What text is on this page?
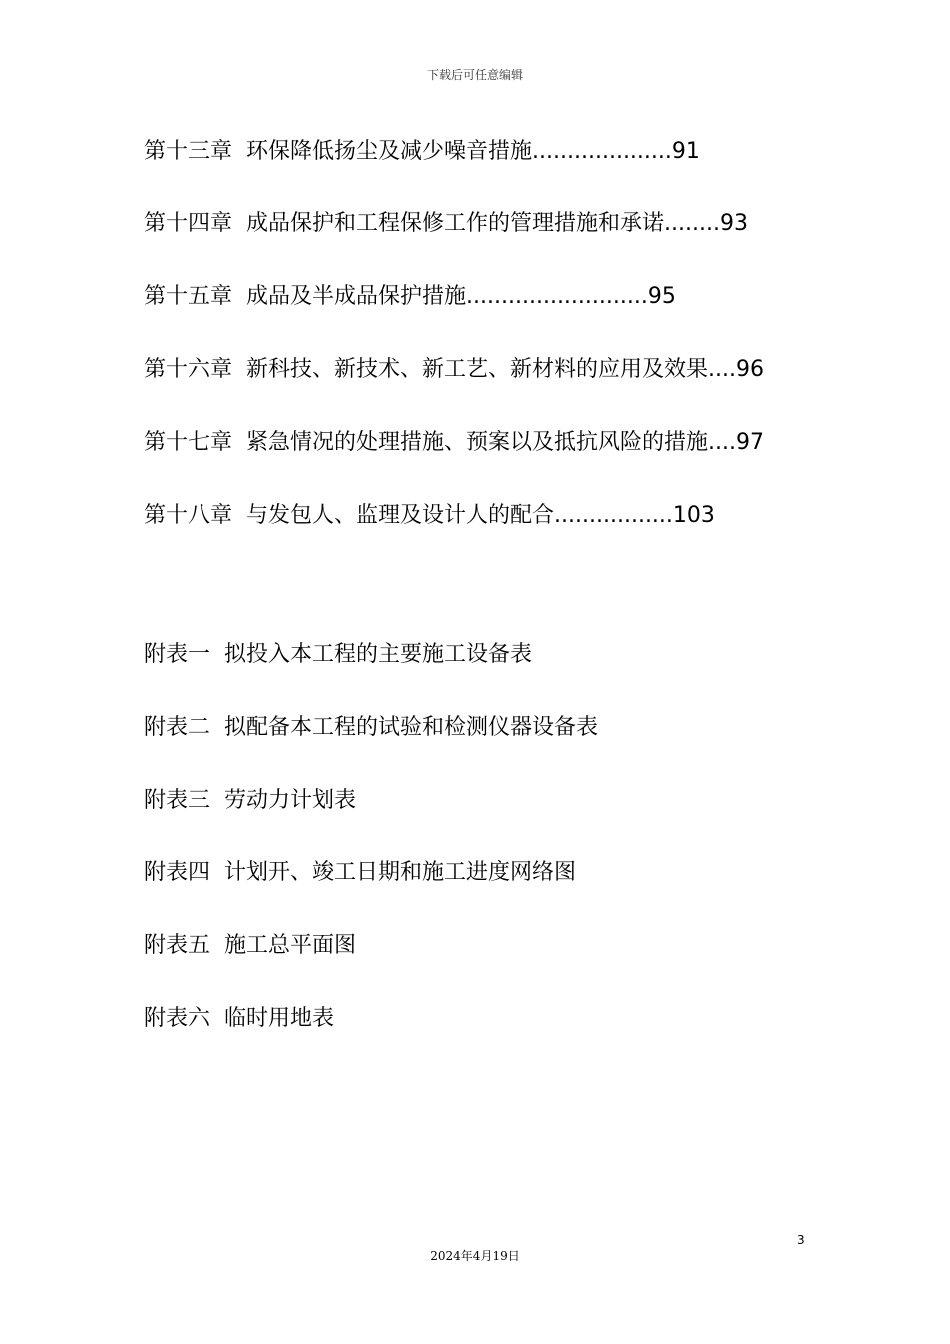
下载后可任意编辑
第十三章 环保降低扬尘及减少噪音措施....................91
第十四章 成品保护和工程保修工作的管理措施和承诺........93
第十五章 成品及半成品保护措施..........................95
第十六章 新科技、新技术、新工艺、新材料的应用及效果....96
第十七章 紧急情况的处理措施、预案以及抵抗风险的措施....97
第十八章 与发包人、监理及设计人的配合.................103
附表一 拟投入本工程的主要施工设备表
附表二 拟配备本工程的试验和检测仪器设备表
附表三 劳动力计划表
附表四 计划开、竣工日期和施工进度网络图
附表五 施工总平面图
附表六 临时用地表
3
2024年4月19日
